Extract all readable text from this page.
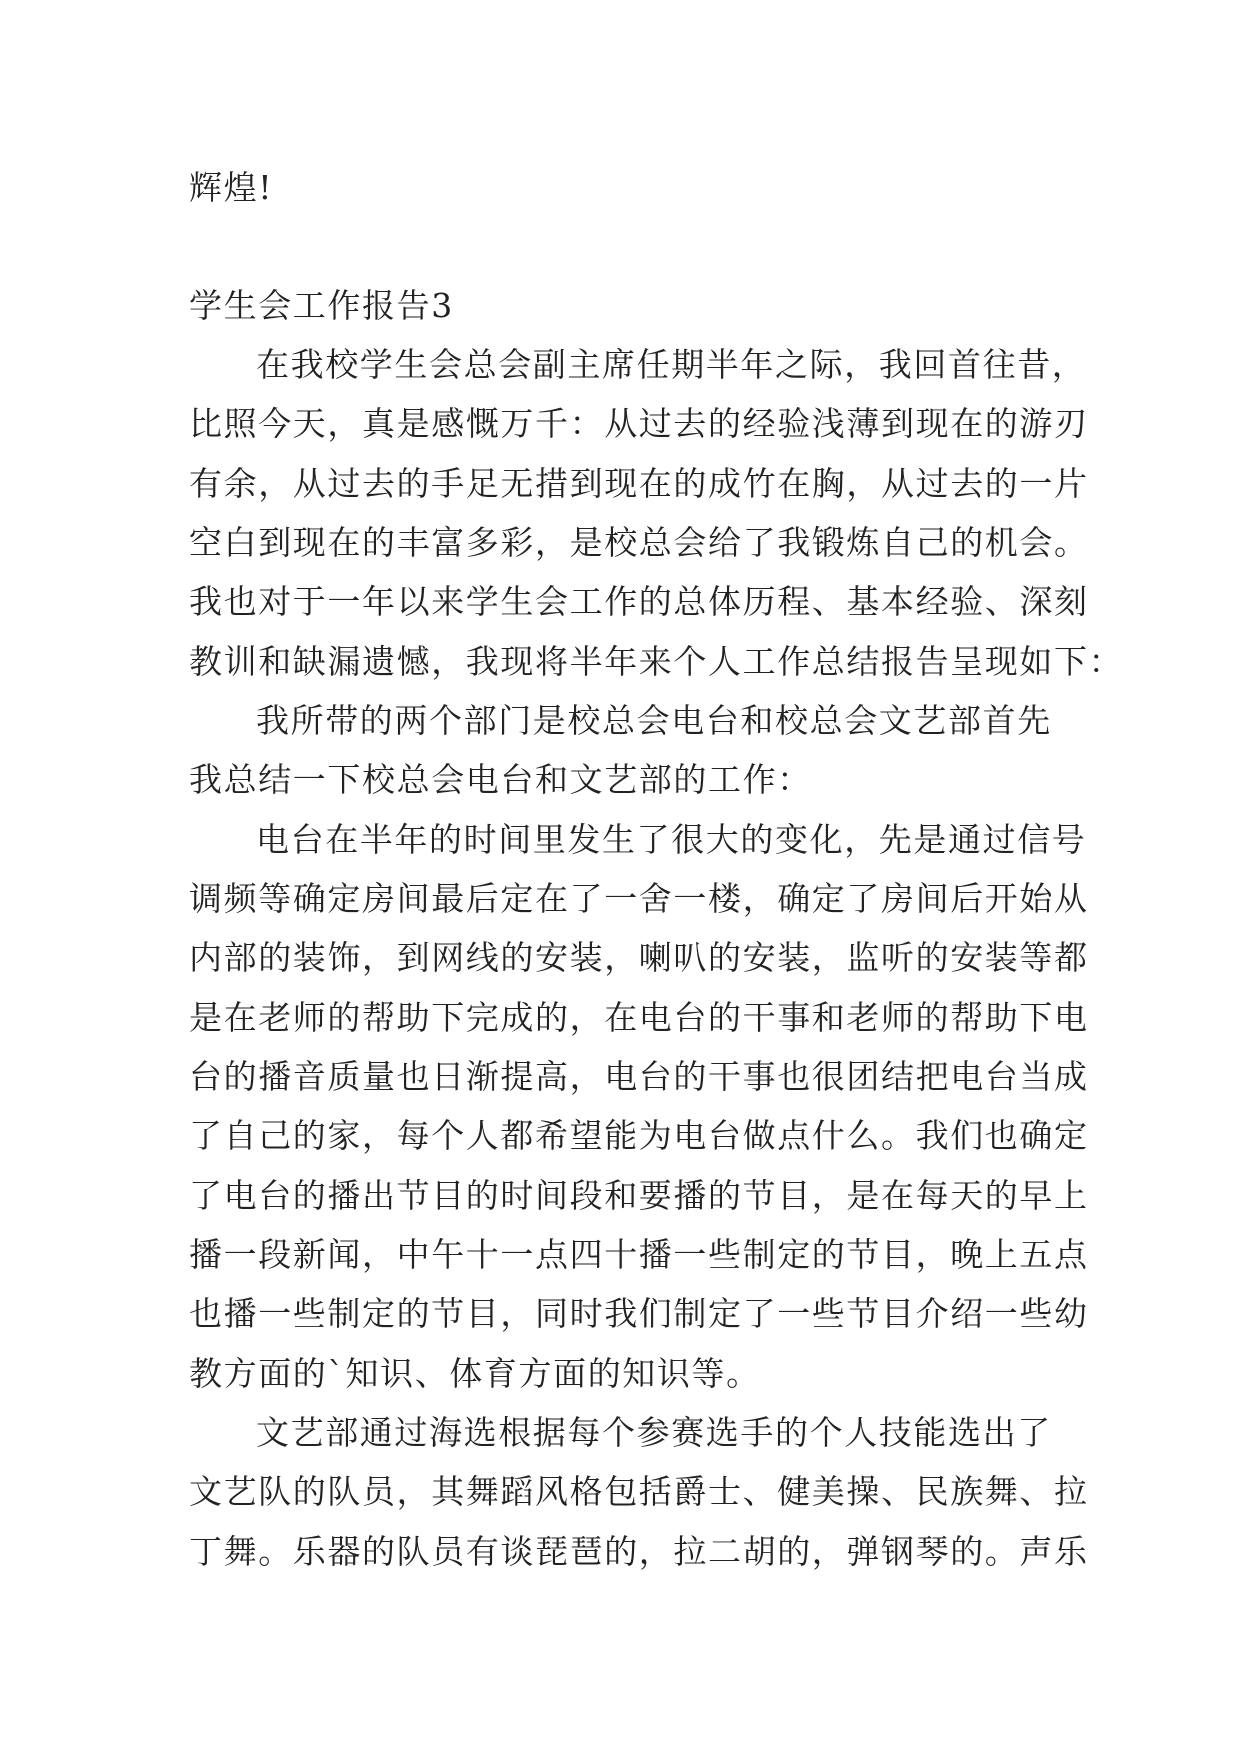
辉煌!
学生会工作报告3
在我校学生会总会副主席任期半年之际，我回首往昔，
比照今天，真是感慨万千：从过去的经验浅薄到现在的游刃
有余，从过去的手足无措到现在的成竹在胸，从过去的一片
空白到现在的丰富多彩，是校总会给了我锻炼自己的机会。
我也对于一年以来学生会工作的总体历程、基本经验、深刻
教训和缺漏遗憾，我现将半年来个人工作总结报告呈现如下：
我所带的两个部门是校总会电台和校总会文艺部首先
我总结一下校总会电台和文艺部的工作：
电台在半年的时间里发生了很大的变化，先是通过信号
调频等确定房间最后定在了一舍一楼，确定了房间后开始从
内部的装饰，到网线的安装，喇叭的安装，监听的安装等都
是在老师的帮助下完成的，在电台的干事和老师的帮助下电
台的播音质量也日渐提高，电台的干事也很团结把电台当成
了自己的家，每个人都希望能为电台做点什么。我们也确定
了电台的播出节目的时间段和要播的节目，是在每天的早上
播一段新闻，中午十一点四十播一些制定的节目，晚上五点
也播一些制定的节目，同时我们制定了一些节目介绍一些幼
教方面的`知识、体育方面的知识等。
文艺部通过海选根据每个参赛选手的个人技能选出了
文艺队的队员，其舞蹈风格包括爵士、健美操、民族舞、拉
丁舞。乐器的队员有谈琵琶的，拉二胡的，弹钢琴的。声乐
